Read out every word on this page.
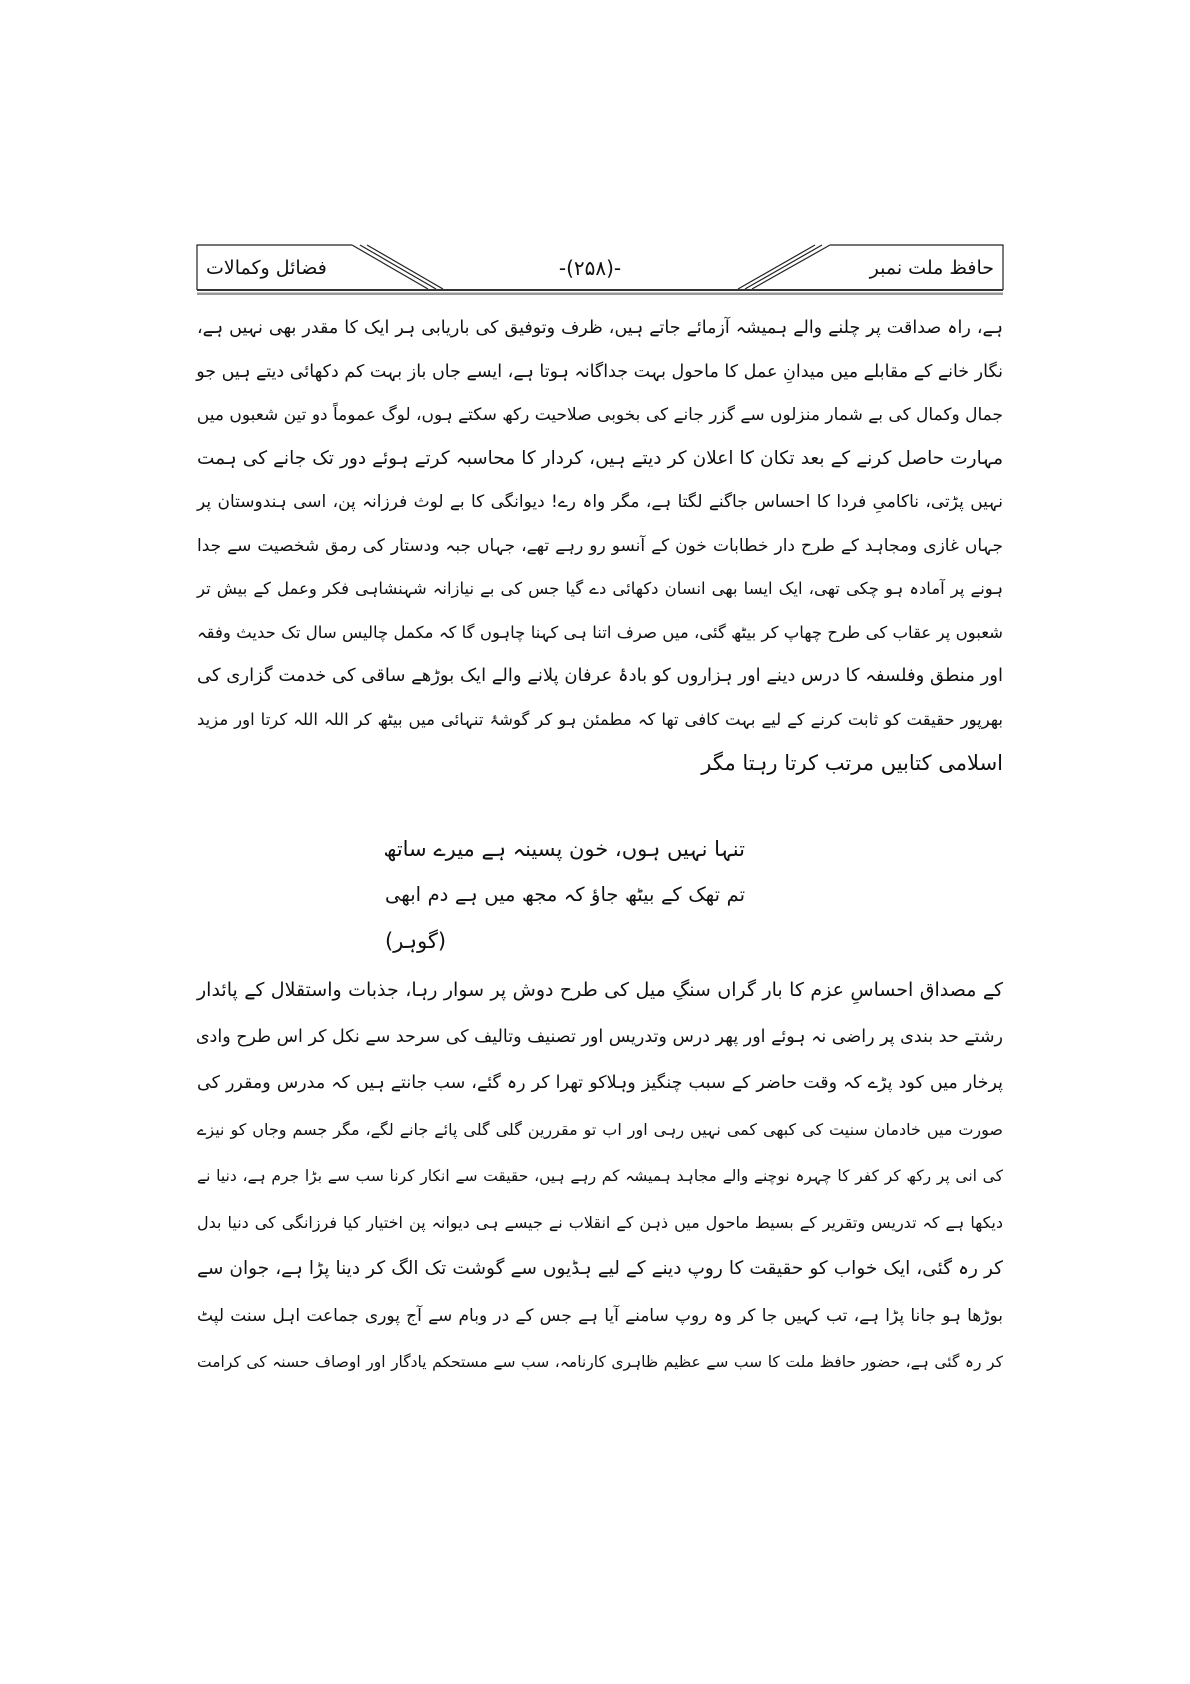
فضائل وکمالات	-(۲۵۸)-	حافظ ملت نمبر
ہے، راہ صداقت پر چلنے والے ہمیشہ آزمائے جاتے ہیں، ظرف وتوفیق کی باریابی ہر ایک کا مقدر بھی نہیں ہے،
نگار خانے کے مقابلے میں میدانِ عمل کا ماحول بہت جداگانہ ہوتا ہے، ایسے جاں باز بہت کم دکھائی دیتے ہیں جو
جمال وکمال کی بے شمار منزلوں سے گزر جانے کی بخوبی صلاحیت رکھ سکتے ہوں، لوگ عموماً دو تین شعبوں میں
مہارت حاصل کرنے کے بعد تکان کا اعلان کر دیتے ہیں، کردار کا محاسبہ کرتے ہوئے دور تک جانے کی ہمت
نہیں پڑتی، ناکامیِ فردا کا احساس جاگنے لگتا ہے، مگر واہ رے! دیوانگی کا بے لوث فرزانہ پن، اسی ہندوستان پر
جہاں غازی ومجاہد کے طرح دار خطابات خون کے آنسو رو رہے تھے، جہاں جبہ ودستار کی رمق شخصیت سے جدا
ہونے پر آمادہ ہو چکی تھی، ایک ایسا بھی انسان دکھائی دے گیا جس کی بے نیازانہ شہنشاہی فکر وعمل کے بیش تر
شعبوں پر عقاب کی طرح چھاپ کر بیٹھ گئی، میں صرف اتنا ہی کہنا چاہوں گا کہ مکمل چالیس سال تک حدیث وفقہ
اور منطق وفلسفہ کا درس دینے اور ہزاروں کو بادۂ عرفان پلانے والے ایک بوڑھے ساقی کی خدمت گزاری کی
بھرپور حقیقت کو ثابت کرنے کے لیے بہت کافی تھا کہ مطمئن ہو کر گوشۂ تنہائی میں بیٹھ کر اللہ اللہ کرتا اور مزید
اسلامی کتابیں مرتب کرتا رہتا مگر
تنہا نہیں ہوں، خون پسینہ ہے میرے ساتھ
تم تھک کے بیٹھ جاؤ کہ مجھ میں ہے دم ابھی
(گوہر)
کے مصداق احساسِ عزم کا بار گراں سنگِ میل کی طرح دوش پر سوار رہا، جذبات واستقلال کے پائدار
رشتے حد بندی پر راضی نہ ہوئے اور پھر درس وتدریس اور تصنیف وتالیف کی سرحد سے نکل کر اس طرح وادی
پرخار میں کود پڑے کہ وقت حاضر کے سبب چنگیز وہلاکو تھرا کر رہ گئے، سب جانتے ہیں کہ مدرس ومقرر کی
صورت میں خادمان سنیت کی کبھی کمی نہیں رہی اور اب تو مقررین گلی گلی پائے جانے لگے، مگر جسم وجاں کو نیزے
کی انی پر رکھ کر کفر کا چہرہ نوچنے والے مجاہد ہمیشہ کم رہے ہیں، حقیقت سے انکار کرنا سب سے بڑا جرم ہے، دنیا نے
دیکھا ہے کہ تدریس وتقریر کے بسیط ماحول میں ذہن کے انقلاب نے جیسے ہی دیوانہ پن اختیار کیا فرزانگی کی دنیا بدل
کر رہ گئی، ایک خواب کو حقیقت کا روپ دینے کے لیے ہڈیوں سے گوشت تک الگ کر دینا پڑا ہے، جوان سے
بوڑھا ہو جانا پڑا ہے، تب کہیں جا کر وہ روپ سامنے آیا ہے جس کے در وبام سے آج پوری جماعت اہل سنت لپٹ
کر رہ گئی ہے، حضور حافظ ملت کا سب سے عظیم ظاہری کارنامہ، سب سے مستحکم یادگار اور اوصاف حسنہ کی کرامت
